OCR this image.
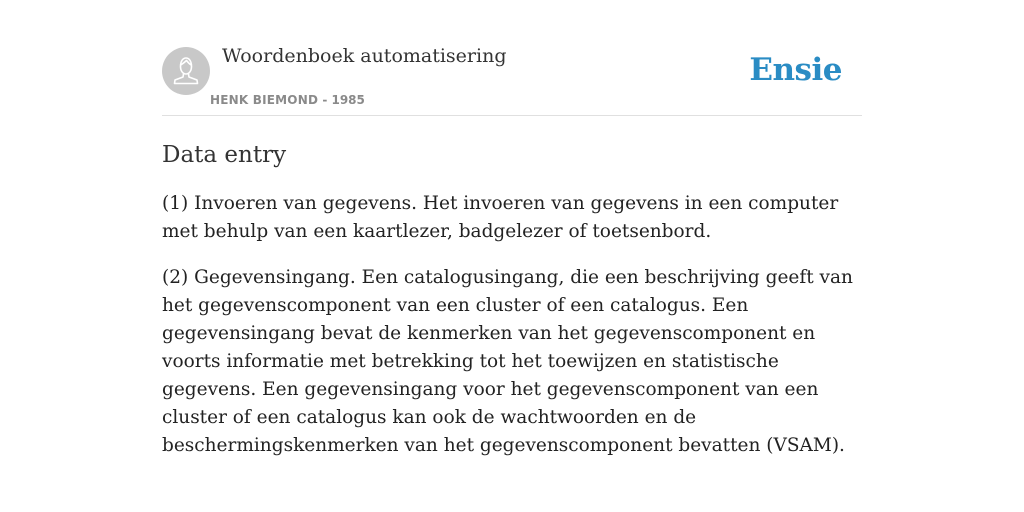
Woordenboek automatisering
HENK BIEMOND - 1985
Ensie
Data entry

(1) Invoeren van gegevens. Het invoeren van gegevens in een computer met behulp van een kaartlezer, badgelezer of toetsenbord.

(2) Gegevensingang. Een catalogusingang, die een beschrijving geeft van het gegevenscomponent van een cluster of een catalogus. Een gegevensingang bevat de kenmerken van het gegevenscomponent en voorts informatie met betrekking tot het toewijzen en statistische gegevens. Een gegevensingang voor het gegevenscomponent van een cluster of een catalogus kan ook de wachtwoorden en de beschermingskenmerken van het gegevenscomponent bevatten (VSAM).
